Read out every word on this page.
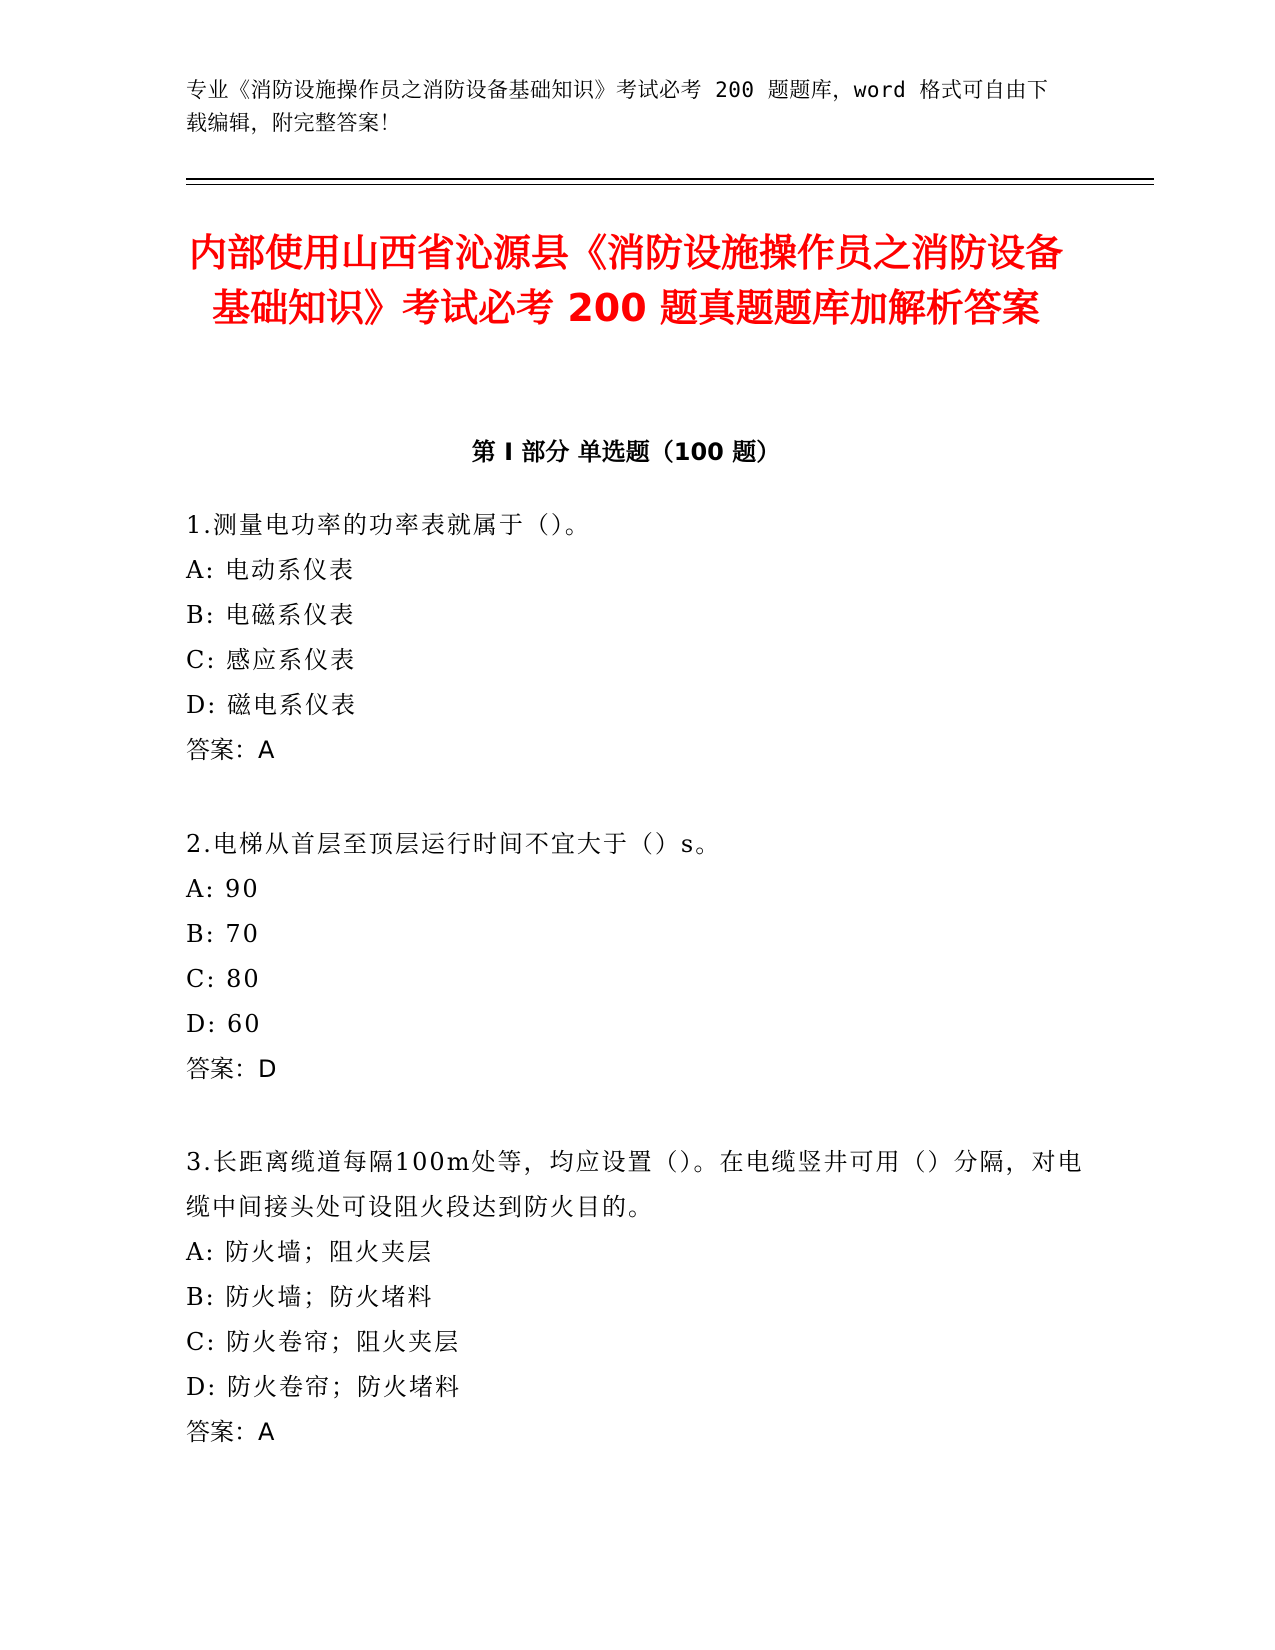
专业《消防设施操作员之消防设备基础知识》考试必考 200 题题库，word 格式可自由下载编辑，附完整答案！
内部使用山西省沁源县《消防设施操作员之消防设备基础知识》考试必考 200 题真题题库加解析答案
第 I 部分 单选题（100 题）
1.测量电功率的功率表就属于（）。
A: 电动系仪表
B: 电磁系仪表
C: 感应系仪表
D: 磁电系仪表
答案：A
2.电梯从首层至顶层运行时间不宜大于（）s。
A: 90
B: 70
C: 80
D: 60
答案：D
3.长距离缆道每隔100m处等，均应设置（）。在电缆竖井可用（）分隔，对电缆中间接头处可设阻火段达到防火目的。
A: 防火墙；阻火夹层
B: 防火墙；防火堵料
C: 防火卷帘；阻火夹层
D: 防火卷帘；防火堵料
答案：A
